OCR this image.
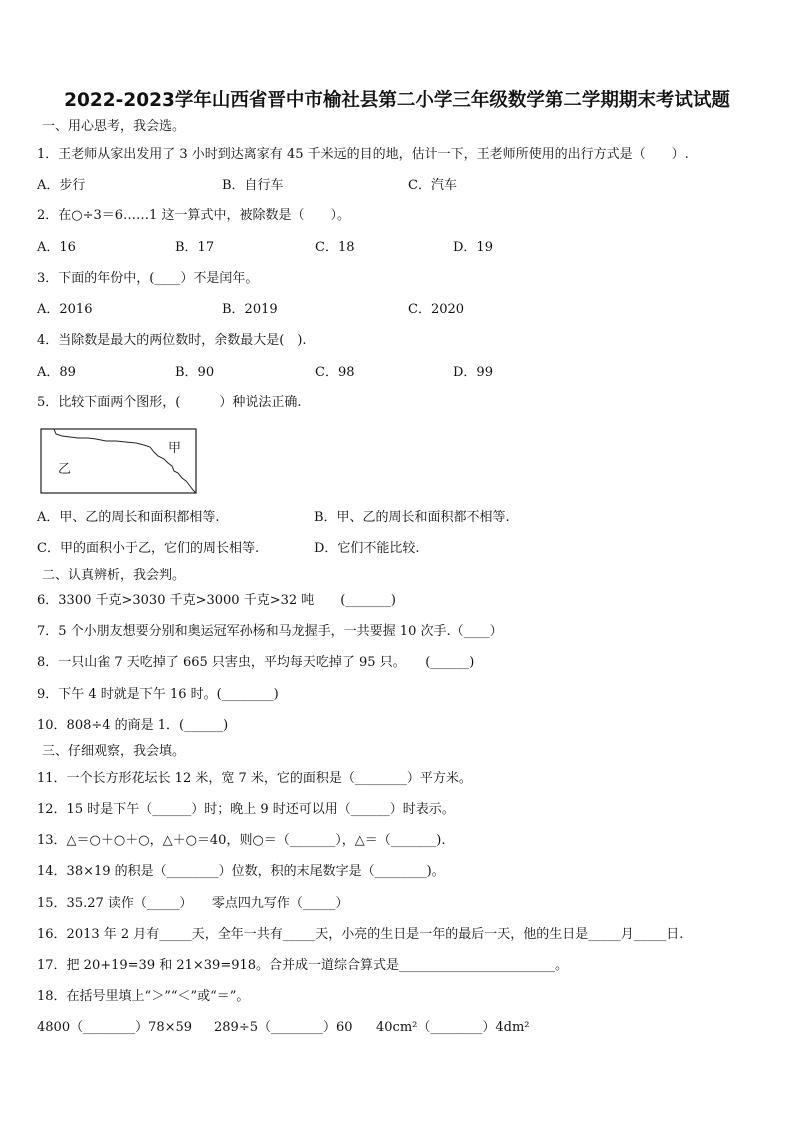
2022-2023学年山西省晋中市榆社县第二小学三年级数学第二学期期末考试试题
一、用心思考，我会选。
1．王老师从家出发用了 3 小时到达离家有 45 千米远的目的地，估计一下，王老师所使用的出行方式是（　　）.
A．步行	B．自行车	C．汽车
2．在○÷3＝6……1 这一算式中，被除数是（　　）。
A．16	B．17	C．18	D．19
3．下面的年份中，(____）不是闰年。
A．2016	B．2019	C．2020
4．当除数是最大的两位数时，余数最大是(　).
A．89	B．90	C．98	D．99
5．比较下面两个图形，(　　　）种说法正确.
甲
乙
A．甲、乙的周长和面积都相等.	B．甲、乙的周长和面积都不相等.
C．甲的面积小于乙，它们的周长相等.	D．它们不能比较.
二、认真辨析，我会判。
6．3300 千克>3030 千克>3000 千克>32 吨　　(_______)
7．5 个小朋友想要分别和奥运冠军孙杨和马龙握手，一共要握 10 次手.（____）
8．一只山雀 7 天吃掉了 665 只害虫，平均每天吃掉了 95 只。　　(______)
9．下午 4 时就是下午 16 时。(________)
10．808÷4 的商是 1．(______)
三、仔细观察，我会填。
11．一个长方形花坛长 12 米，宽 7 米，它的面积是（________）平方米。
12．15 时是下午（______）时；晚上 9 时还可以用（______）时表示。
13．△＝○＋○＋○，△＋○＝40，则○＝（_______），△＝（_______).
14．38×19 的积是（________）位数，积的末尾数字是（________)。
15．35.27 读作（_____）　　零点四九写作（_____）
16．2013 年 2 月有_____天，全年一共有_____天，小亮的生日是一年的最后一天，他的生日是_____月_____日.
17．把 20+19=39 和 21×39=918。合并成一道综合算式是________________________。
18．在括号里填上“＞”“＜”或“＝”。
4800（________）78×59 289÷5（________）60 40cm²（________）4dm²
